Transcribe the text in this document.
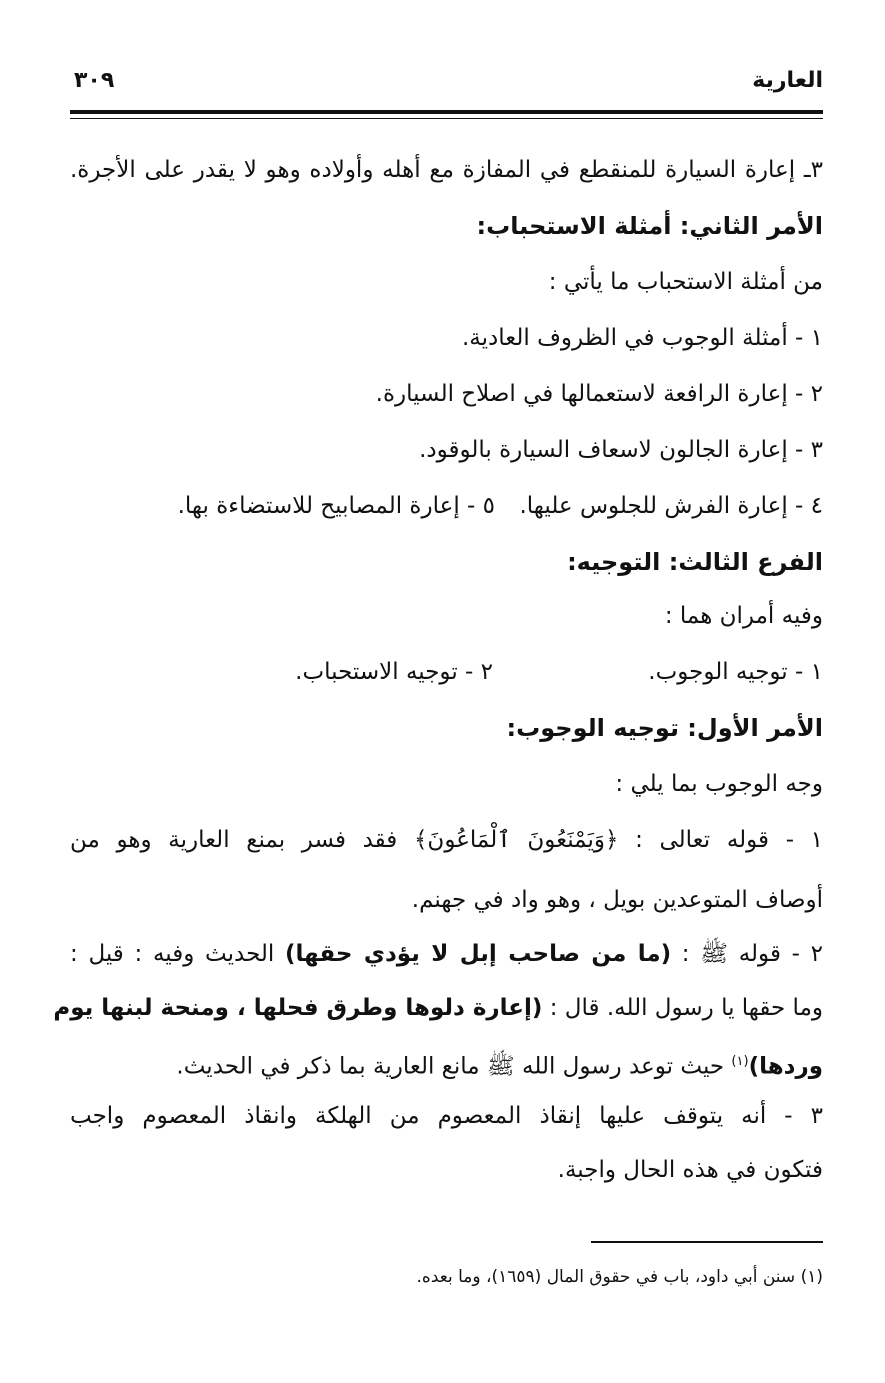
العارية
٣٠٩
٣ـ إعارة السيارة للمنقطع في المفازة مع أهله وأولاده وهو لا يقدر على الأجرة.
الأمر الثاني: أمثلة الاستحباب:
من أمثلة الاستحباب ما يأتي :
١ - أمثلة الوجوب في الظروف العادية.
٢ - إعارة الرافعة لاستعمالها في اصلاح السيارة.
٣ - إعارة الجالون لاسعاف السيارة بالوقود.
٤ - إعارة الفرش للجلوس عليها.
٥ - إعارة المصابيح للاستضاءة بها.
الفرع الثالث: التوجيه:
وفيه أمران هما :
١ - توجيه الوجوب.
٢ - توجيه الاستحباب.
الأمر الأول: توجيه الوجوب:
وجه الوجوب بما يلي :
١ - قوله تعالى : ﴿وَيَمْنَعُونَ ٱلْمَاعُونَ﴾ فقد فسر بمنع العارية وهو من
أوصاف المتوعدين بويل ، وهو واد في جهنم.
٢ - قوله ﷺ : (ما من صاحب إبل لا يؤدي حقها) الحديث وفيه : قيل :
وما حقها يا رسول الله. قال : (إعارة دلوها وطرق فحلها ، ومنحة لبنها يوم
وردها)$^{(١)}$ حيث توعد رسول الله ﷺ مانع العارية بما ذكر في الحديث.
٣ - أنه يتوقف عليها إنقاذ المعصوم من الهلكة وانقاذ المعصوم واجب
فتكون في هذه الحال واجبة.
(١) سنن أبي داود، باب في حقوق المال (١٦٥٩)، وما بعده.
